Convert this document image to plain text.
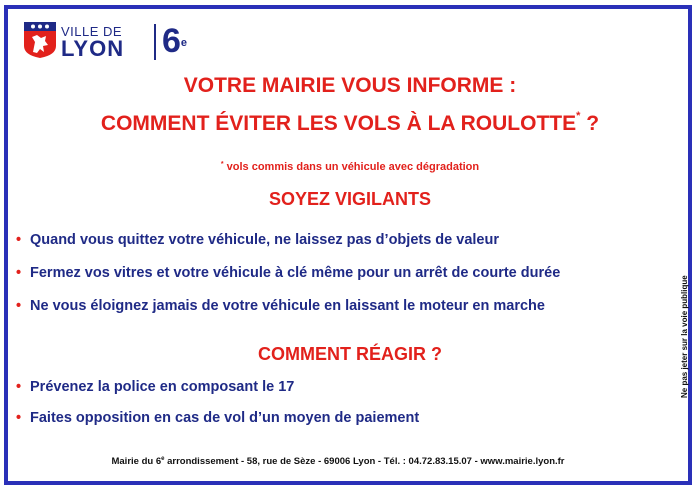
VILLE DE
LYON 6e
VOTRE MAIRIE VOUS INFORME :
COMMENT ÉVITER LES VOLS À LA ROULOTTE* ?
* vols commis dans un véhicule avec dégradation
SOYEZ VIGILANTS
• Quand vous quittez votre véhicule, ne laissez pas d’objets de valeur
• Fermez vos vitres et votre véhicule à clé même pour un arrêt de courte durée
• Ne vous éloignez jamais de votre véhicule en laissant le moteur en marche
COMMENT RÉAGIR ?
• Prévenez la police en composant le 17
• Faites opposition en cas de vol d’un moyen de paiement
Mairie du 6e arrondissement - 58, rue de Sèze - 69006 Lyon - Tél. : 04.72.83.15.07 - www.mairie.lyon.fr
Ne pas jeter sur la voie publique
